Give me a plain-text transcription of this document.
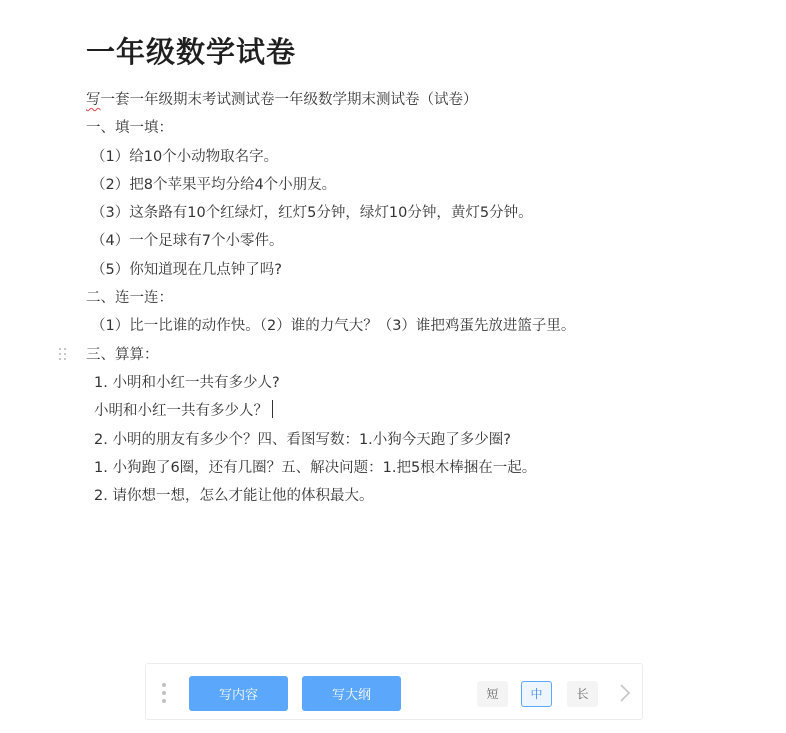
一年级数学试卷
写一套一年级期末考试测试卷一年级数学期末测试卷（试卷）
一、填一填：
（1）给10个小动物取名字。
（2）把8个苹果平均分给4个小朋友。
（3）这条路有10个红绿灯，红灯5分钟，绿灯10分钟，黄灯5分钟。
（4）一个足球有7个小零件。
（5）你知道现在几点钟了吗?
二、连一连：
（1）比一比谁的动作快。（2）谁的力气大？（3）谁把鸡蛋先放进篮子里。
三、算算：
1. 小明和小红一共有多少人?
小明和小红一共有多少人？
2. 小明的朋友有多少个？四、看图写数：1.小狗今天跑了多少圈?
1. 小狗跑了6圈，还有几圈？五、解决问题：1.把5根木棒捆在一起。
2. 请你想一想，怎么才能让他的体积最大。
写内容	写大纲	短	中	长
